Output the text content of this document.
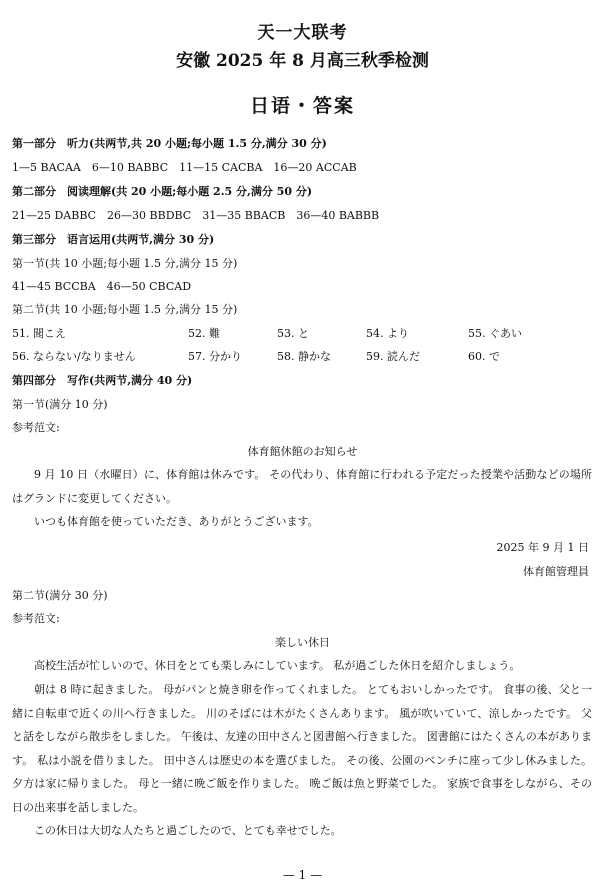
天一大联考
安徽 2025 年 8 月高三秋季检测
日语・答案
第一部分　听力(共两节,共 20 小题;每小题 1.5 分,满分 30 分)
1—5 BACAA　6—10 BABBC　11—15 CACBA　16—20 ACCAB
第二部分　阅读理解(共 20 小题;每小题 2.5 分,满分 50 分)
21—25 DABBC　26—30 BBDBC　31—35 BBACB　36—40 BABBB
第三部分　语言运用(共两节,满分 30 分)
第一节(共 10 小题;每小题 1.5 分,满分 15 分)
41—45 BCCBA　46—50 CBCAD
第二节(共 10 小题;每小题 1.5 分,满分 15 分)
51. 聞こえ	52. 難	53. と	54. より	55. ぐあい
56. ならない/なりません	57. 分かり	58. 静かな	59. 読んだ	60. で
第四部分　写作(共两节,满分 40 分)
第一节(满分 10 分)
参考范文:
体育館休館のお知らせ
9 月 10 日（水曜日）に、体育館は休みです。 その代わり、体育館に行われる予定だった授業や活動などの場所はグランドに変更してください。
いつも体育館を使っていただき、ありがとうございます。
2025 年 9 月 1 日
体育館管理員
第二节(满分 30 分)
参考范文:
楽しい休日
高校生活が忙しいので、休日をとても楽しみにしています。 私が過ごした休日を紹介しましょう。
朝は 8 時に起きました。 母がパンと焼き卵を作ってくれました。 とてもおいしかったです。 食事の後、父と一緒に自転車で近くの川へ行きました。 川のそばには木がたくさんあります。 風が吹いていて、涼しかったです。 父と話をしながら散歩をしました。 午後は、友達の田中さんと図書館へ行きました。 図書館にはたくさんの本があります。 私は小説を借りました。 田中さんは歴史の本を選びました。 その後、公園のベンチに座って少し休みました。 夕方は家に帰りました。 母と一緒に晩ご飯を作りました。 晩ご飯は魚と野菜でした。 家族で食事をしながら、その日の出来事を話しました。
この休日は大切な人たちと過ごしたので、とても幸せでした。
— 1 —
